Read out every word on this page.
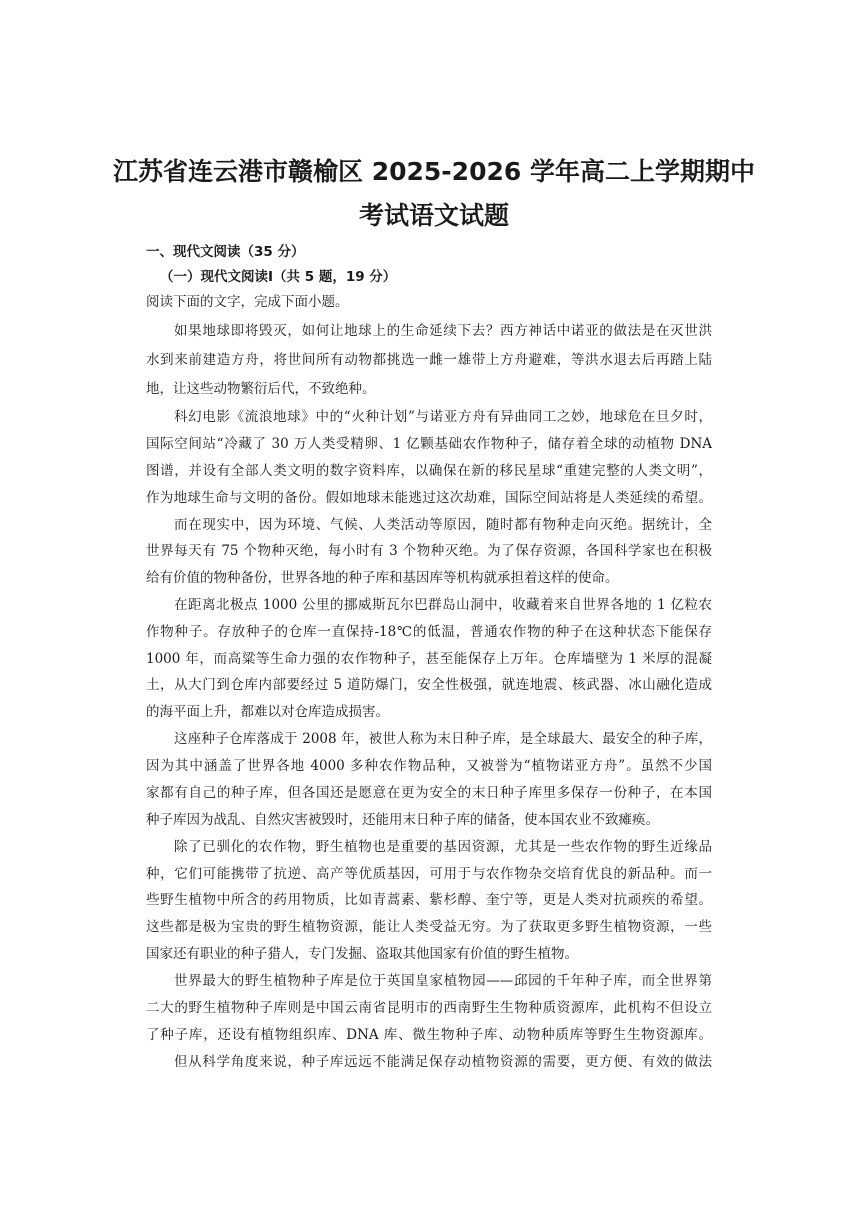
江苏省连云港市赣榆区 2025-2026 学年高二上学期期中
考试语文试题
一、现代文阅读（35 分）
（一）现代文阅读Ⅰ（共 5 题，19 分）
阅读下面的文字，完成下面小题。
如果地球即将毁灭，如何让地球上的生命延续下去？西方神话中诺亚的做法是在灭世洪
水到来前建造方舟，将世间所有动物都挑选一雌一雄带上方舟避难，等洪水退去后再踏上陆
地，让这些动物繁衍后代，不致绝种。
科幻电影《流浪地球》中的“火种计划”与诺亚方舟有异曲同工之妙，地球危在旦夕时，
国际空间站“冷藏了 30 万人类受精卵、1 亿颗基础农作物种子，储存着全球的动植物 DNA
图谱，并设有全部人类文明的数字资料库，以确保在新的移民星球“重建完整的人类文明”，
作为地球生命与文明的备份。假如地球未能逃过这次劫难，国际空间站将是人类延续的希望。
而在现实中，因为环境、气候、人类活动等原因，随时都有物种走向灭绝。据统计，全
世界每天有 75 个物种灭绝，每小时有 3 个物种灭绝。为了保存资源，各国科学家也在积极
给有价值的物种备份，世界各地的种子库和基因库等机构就承担着这样的使命。
在距离北极点 1000 公里的挪威斯瓦尔巴群岛山洞中，收藏着来自世界各地的 1 亿粒农
作物种子。存放种子的仓库一直保持-18℃的低温，普通农作物的种子在这种状态下能保存
1000 年，而高粱等生命力强的农作物种子，甚至能保存上万年。仓库墙壁为 1 米厚的混凝
土，从大门到仓库内部要经过 5 道防爆门，安全性极强，就连地震、核武器、冰山融化造成
的海平面上升，都难以对仓库造成损害。
这座种子仓库落成于 2008 年，被世人称为末日种子库，是全球最大、最安全的种子库，
因为其中涵盖了世界各地 4000 多种农作物品种，又被誉为“植物诺亚方舟”。虽然不少国
家都有自己的种子库，但各国还是愿意在更为安全的末日种子库里多保存一份种子，在本国
种子库因为战乱、自然灾害被毁时，还能用末日种子库的储备，使本国农业不致瘫痪。
除了已驯化的农作物，野生植物也是重要的基因资源，尤其是一些农作物的野生近缘品
种，它们可能携带了抗逆、高产等优质基因，可用于与农作物杂交培育优良的新品种。而一
些野生植物中所含的药用物质，比如青蒿素、紫杉醇、奎宁等，更是人类对抗顽疾的希望。
这些都是极为宝贵的野生植物资源，能让人类受益无穷。为了获取更多野生植物资源，一些
国家还有职业的种子猎人，专门发掘、盗取其他国家有价值的野生植物。
世界最大的野生植物种子库是位于英国皇家植物园——邱园的千年种子库，而全世界第
二大的野生植物种子库则是中国云南省昆明市的西南野生生物种质资源库，此机构不但设立
了种子库，还设有植物组织库、DNA 库、微生物种子库、动物种质库等野生生物资源库。
但从科学角度来说，种子库远远不能满足保存动植物资源的需要，更方便、有效的做法
